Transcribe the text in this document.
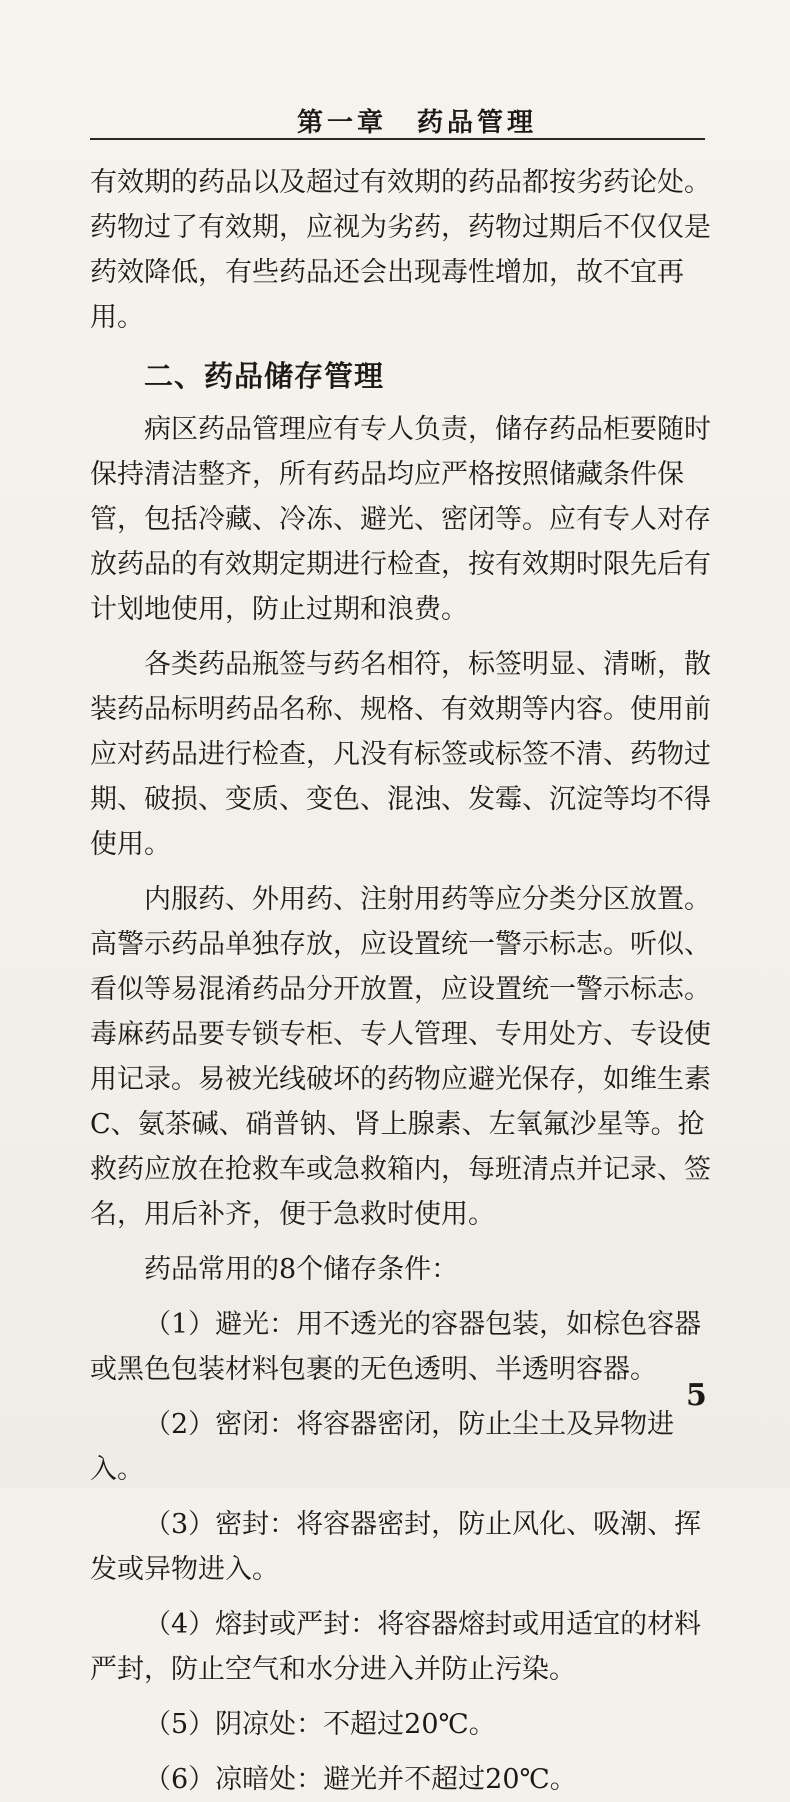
第一章　药品管理

有效期的药品以及超过有效期的药品都按劣药论处。药物过了有效期，应视为劣药，药物过期后不仅仅是药效降低，有些药品还会出现毒性增加，故不宜再用。

二、药品储存管理

病区药品管理应有专人负责，储存药品柜要随时保持清洁整齐，所有药品均应严格按照储藏条件保管，包括冷藏、冷冻、避光、密闭等。应有专人对存放药品的有效期定期进行检查，按有效期时限先后有计划地使用，防止过期和浪费。

各类药品瓶签与药名相符，标签明显、清晰，散装药品标明药品名称、规格、有效期等内容。使用前应对药品进行检查，凡没有标签或标签不清、药物过期、破损、变质、变色、混浊、发霉、沉淀等均不得使用。

内服药、外用药、注射用药等应分类分区放置。高警示药品单独存放，应设置统一警示标志。听似、看似等易混淆药品分开放置，应设置统一警示标志。毒麻药品要专锁专柜、专人管理、专用处方、专设使用记录。易被光线破坏的药物应避光保存，如维生素C、氨茶碱、硝普钠、肾上腺素、左氧氟沙星等。抢救药应放在抢救车或急救箱内，每班清点并记录、签名，用后补齐，便于急救时使用。

药品常用的8个储存条件：

（1）避光：用不透光的容器包装，如棕色容器或黑色包装材料包裹的无色透明、半透明容器。

（2）密闭：将容器密闭，防止尘土及异物进入。

（3）密封：将容器密封，防止风化、吸潮、挥发或异物进入。

（4）熔封或严封：将容器熔封或用适宜的材料严封，防止空气和水分进入并防止污染。

（5）阴凉处：不超过20℃。

（6）凉暗处：避光并不超过20℃。

5
